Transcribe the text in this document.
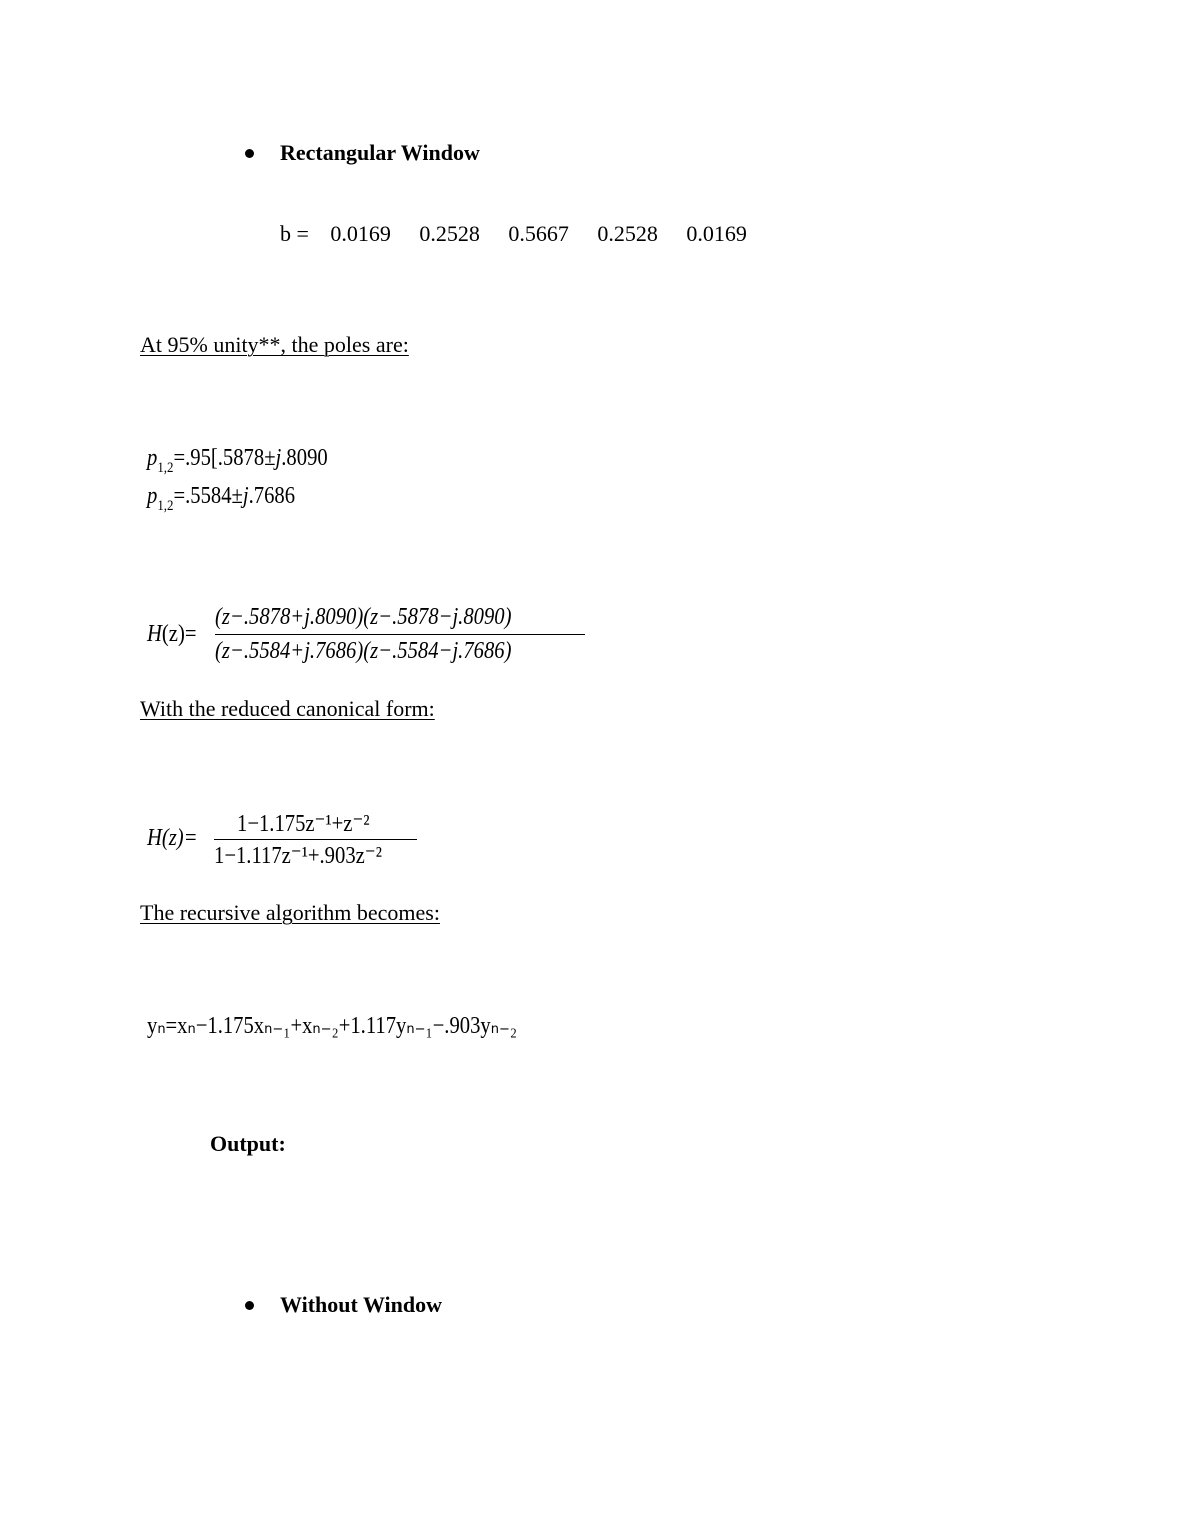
Rectangular Window
b = 0.0169 0.2528 0.5667 0.2528 0.0169
At 95% unity**, the poles are:
$p_{1,2}=.95[.5878\pm j.8090$
$p_{1,2}=.5584\pm j.7686$
H(z)=
(z−.5878+j.8090)(z−.5878−j.8090)
(z−.5584+j.7686)(z−.5584−j.7686)
With the reduced canonical form:
H(z)=
1−1.175z⁻¹+z⁻²
1−1.117z⁻¹+.903z⁻²
The recursive algorithm becomes:
yₙ=xₙ−1.175xₙ₋₁+xₙ₋₂+1.117yₙ₋₁−.903yₙ₋₂
Output:
Without Window
